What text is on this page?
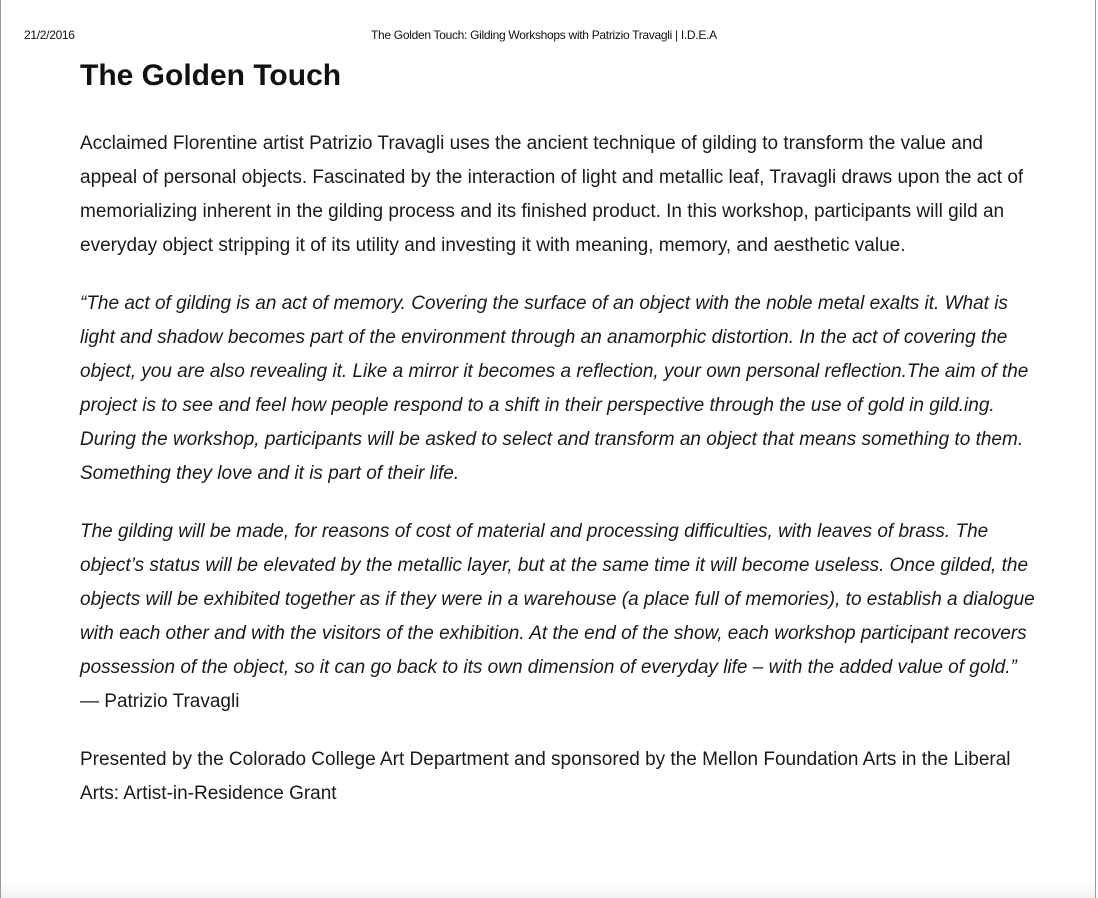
21/2/2016	The Golden Touch: Gilding Workshops with Patrizio Travagli | I.D.E.A
The Golden Touch

Acclaimed Florentine artist Patrizio Travagli uses the ancient technique of gilding to transform the value and appeal of personal objects. Fascinated by the interaction of light and metallic leaf, Travagli draws upon the act of memorializing inherent in the gilding process and its finished product. In this workshop, participants will gild an everyday object stripping it of its utility and investing it with meaning, memory, and aesthetic value.

“The act of gilding is an act of memory. Covering the surface of an object with the noble metal exalts it. What is light and shadow becomes part of the environment through an anamorphic distortion. In the act of covering the object, you are also revealing it. Like a mirror it becomes a reflection, your own personal reflection.The aim of the project is to see and feel how people respond to a shift in their perspective through the use of gold in gild.ing. During the workshop, participants will be asked to select and transform an object that means something to them. Something they love and it is part of their life.

The gilding will be made, for reasons of cost of material and processing difficulties, with leaves of brass. The object’s status will be elevated by the metallic layer, but at the same time it will become useless. Once gilded, the objects will be exhibited together as if they were in a warehouse (a place full of memories), to establish a dialogue with each other and with the visitors of the exhibition. At the end of the show, each workshop participant recovers possession of the object, so it can go back to its own dimension of everyday life – with the added value of gold.” — Patrizio Travagli

Presented by the Colorado College Art Department and sponsored by the Mellon Foundation Arts in the Liberal Arts: Artist-in-Residence Grant
